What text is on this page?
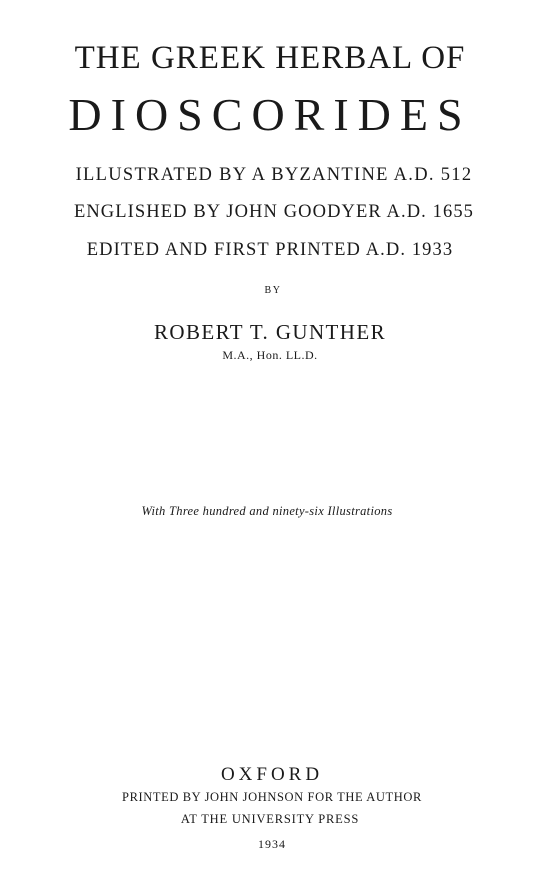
THE GREEK HERBAL OF
DIOSCORIDES
ILLUSTRATED BY A BYZANTINE A.D. 512
ENGLISHED BY JOHN GOODYER A.D. 1655
EDITED AND FIRST PRINTED A.D. 1933
BY
ROBERT T. GUNTHER
M.A., Hon. LL.D.
With Three hundred and ninety-six Illustrations
OXFORD
PRINTED BY JOHN JOHNSON FOR THE AUTHOR
AT THE UNIVERSITY PRESS
1934
